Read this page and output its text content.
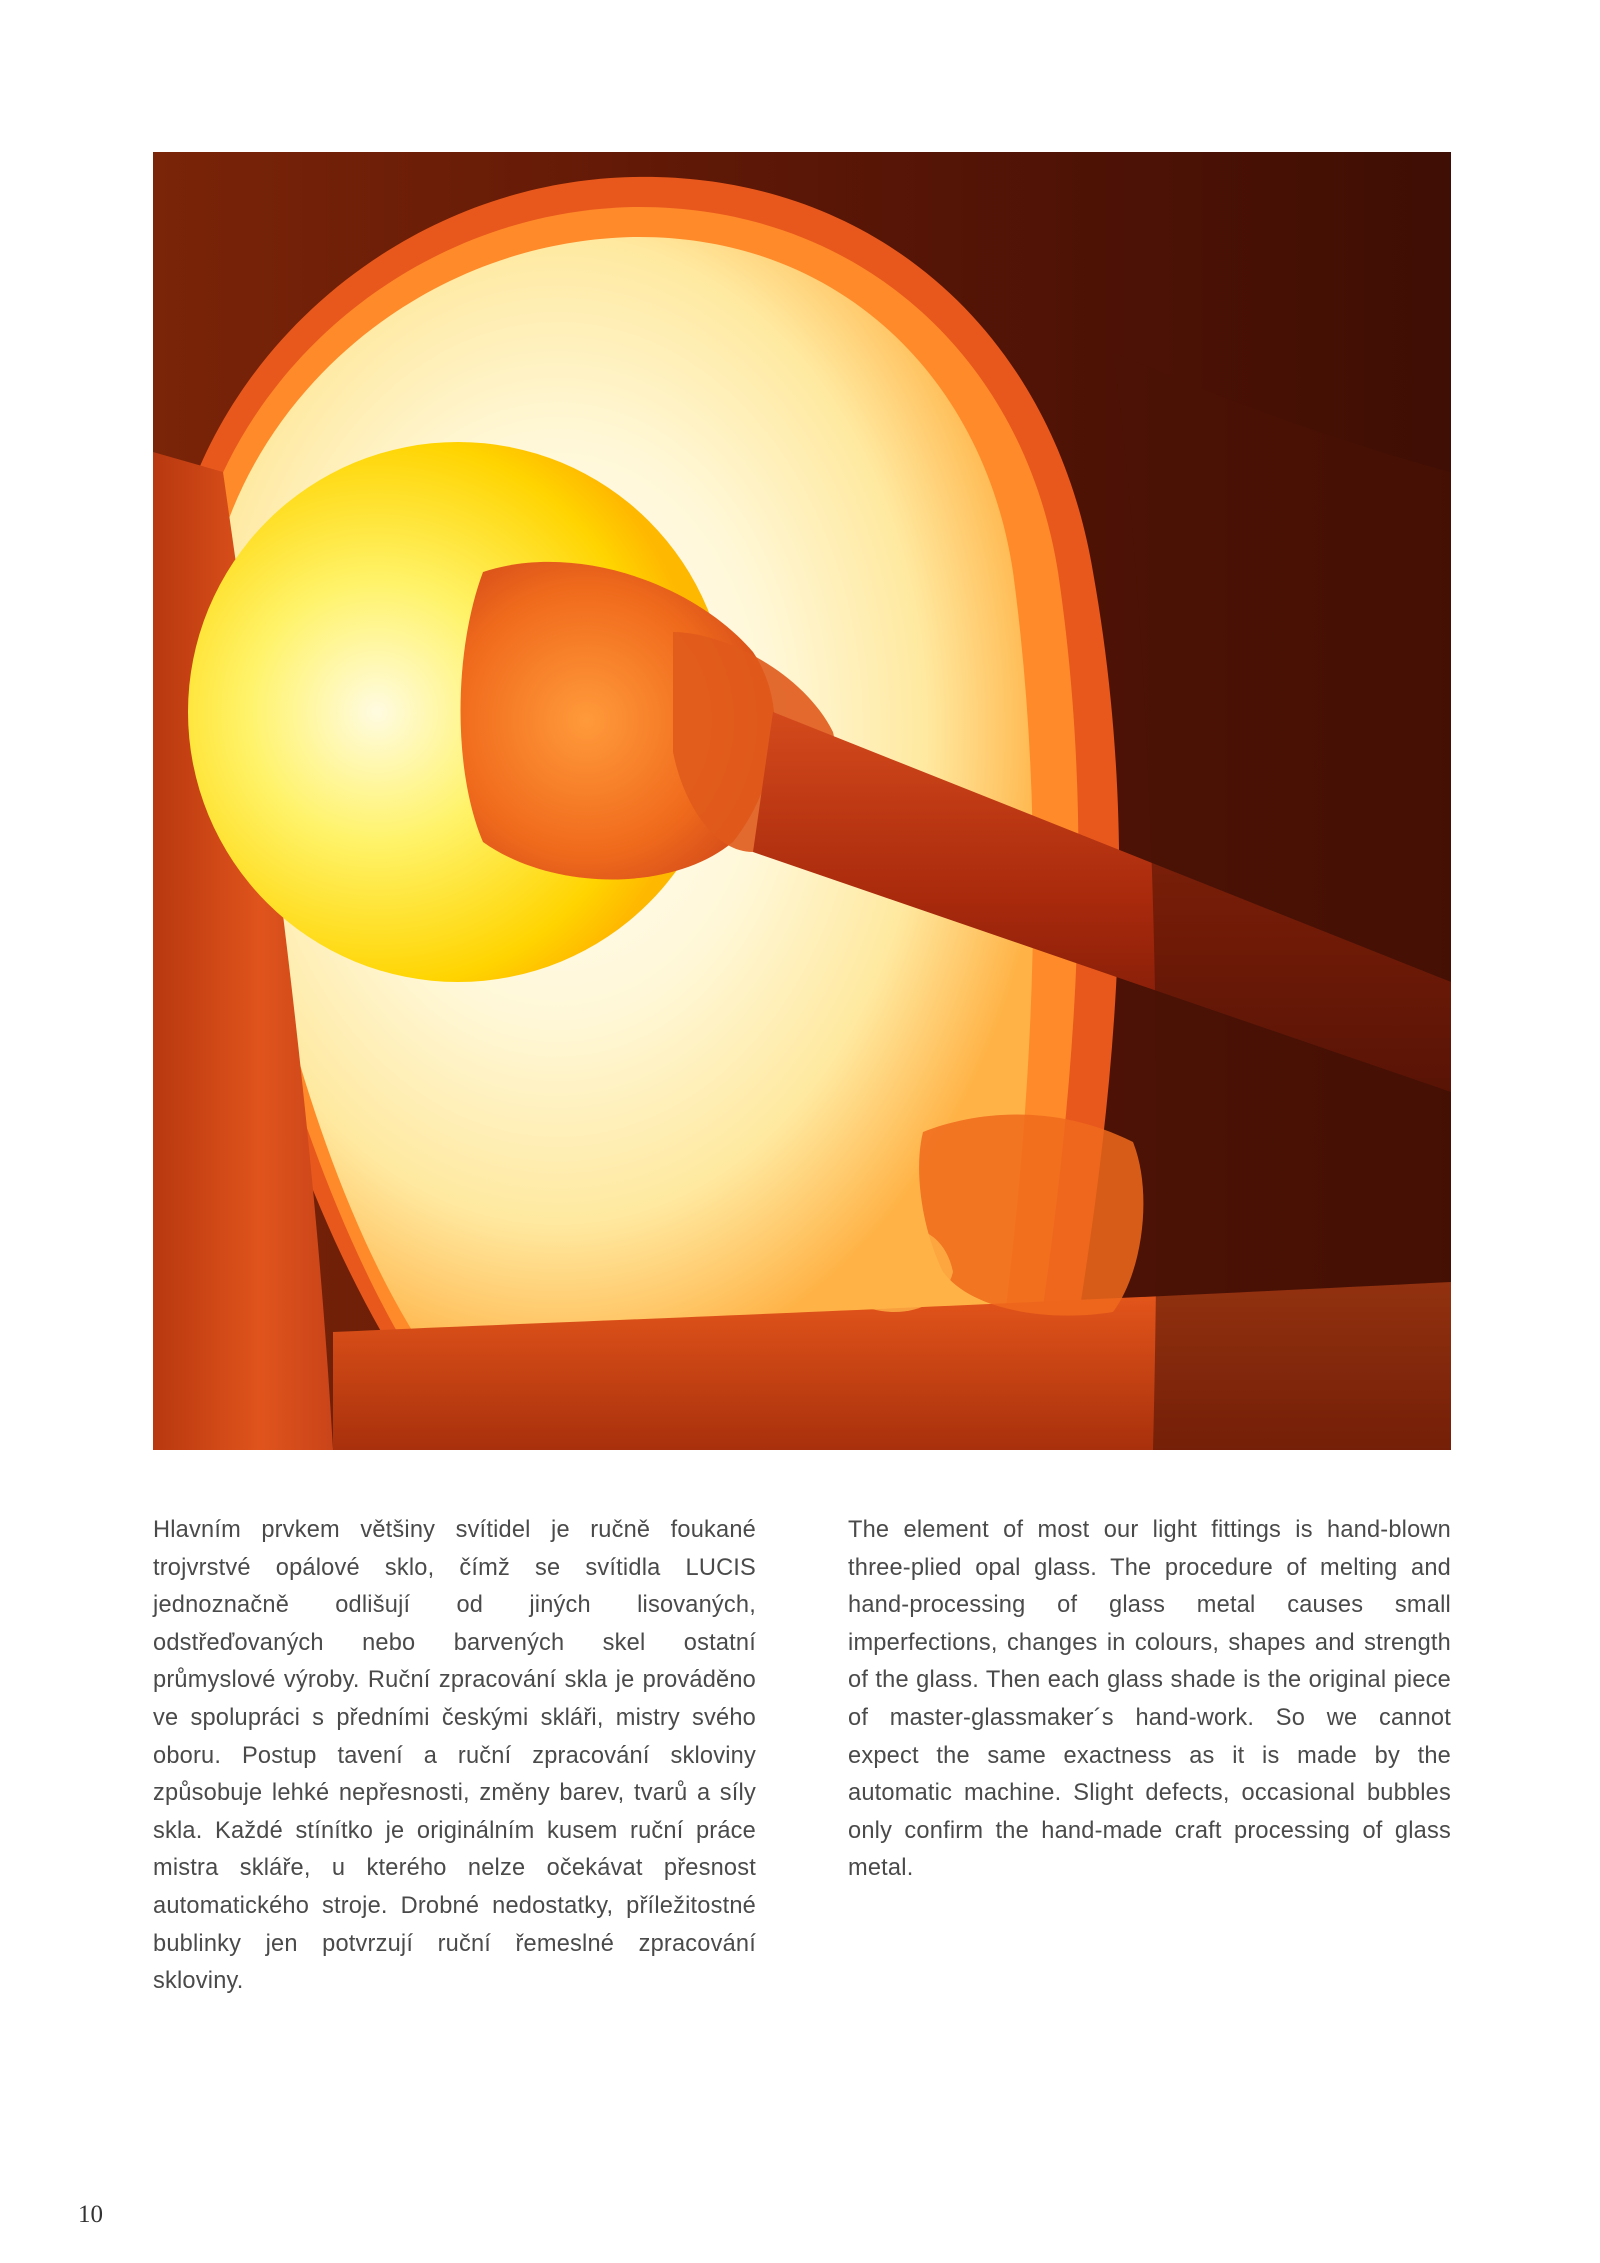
Hlavním prvkem většiny svítidel je ručně foukané trojvrstvé opálové sklo, čímž se svítidla LUCIS jednoznačně odlišují od jiných lisovaných, odstřeďovaných nebo barvených skel ostatní průmyslové výroby. Ruční zpracování skla je prováděno ve spolupráci s předními českými skláři, mistry svého oboru. Postup tavení a ruční zpracování skloviny způsobuje lehké nepřesnosti, změny barev, tvarů a síly skla. Každé stínítko je originálním kusem ruční práce mistra skláře, u kterého nelze očekávat přesnost automatického stroje. Drobné nedostatky, příležitostné bublinky jen potvrzují ruční řemeslné zpracování skloviny.

The element of most our light fittings is hand-blown three-plied opal glass. The procedure of melting and hand-processing of glass metal causes small imperfections, changes in colours, shapes and strength of the glass. Then each glass shade is the original piece of master-glassmaker´s hand-work. So we cannot expect the same exactness as it is made by the automatic machine. Slight defects, occasional bubbles only confirm the hand-made craft processing of glass metal.

10
